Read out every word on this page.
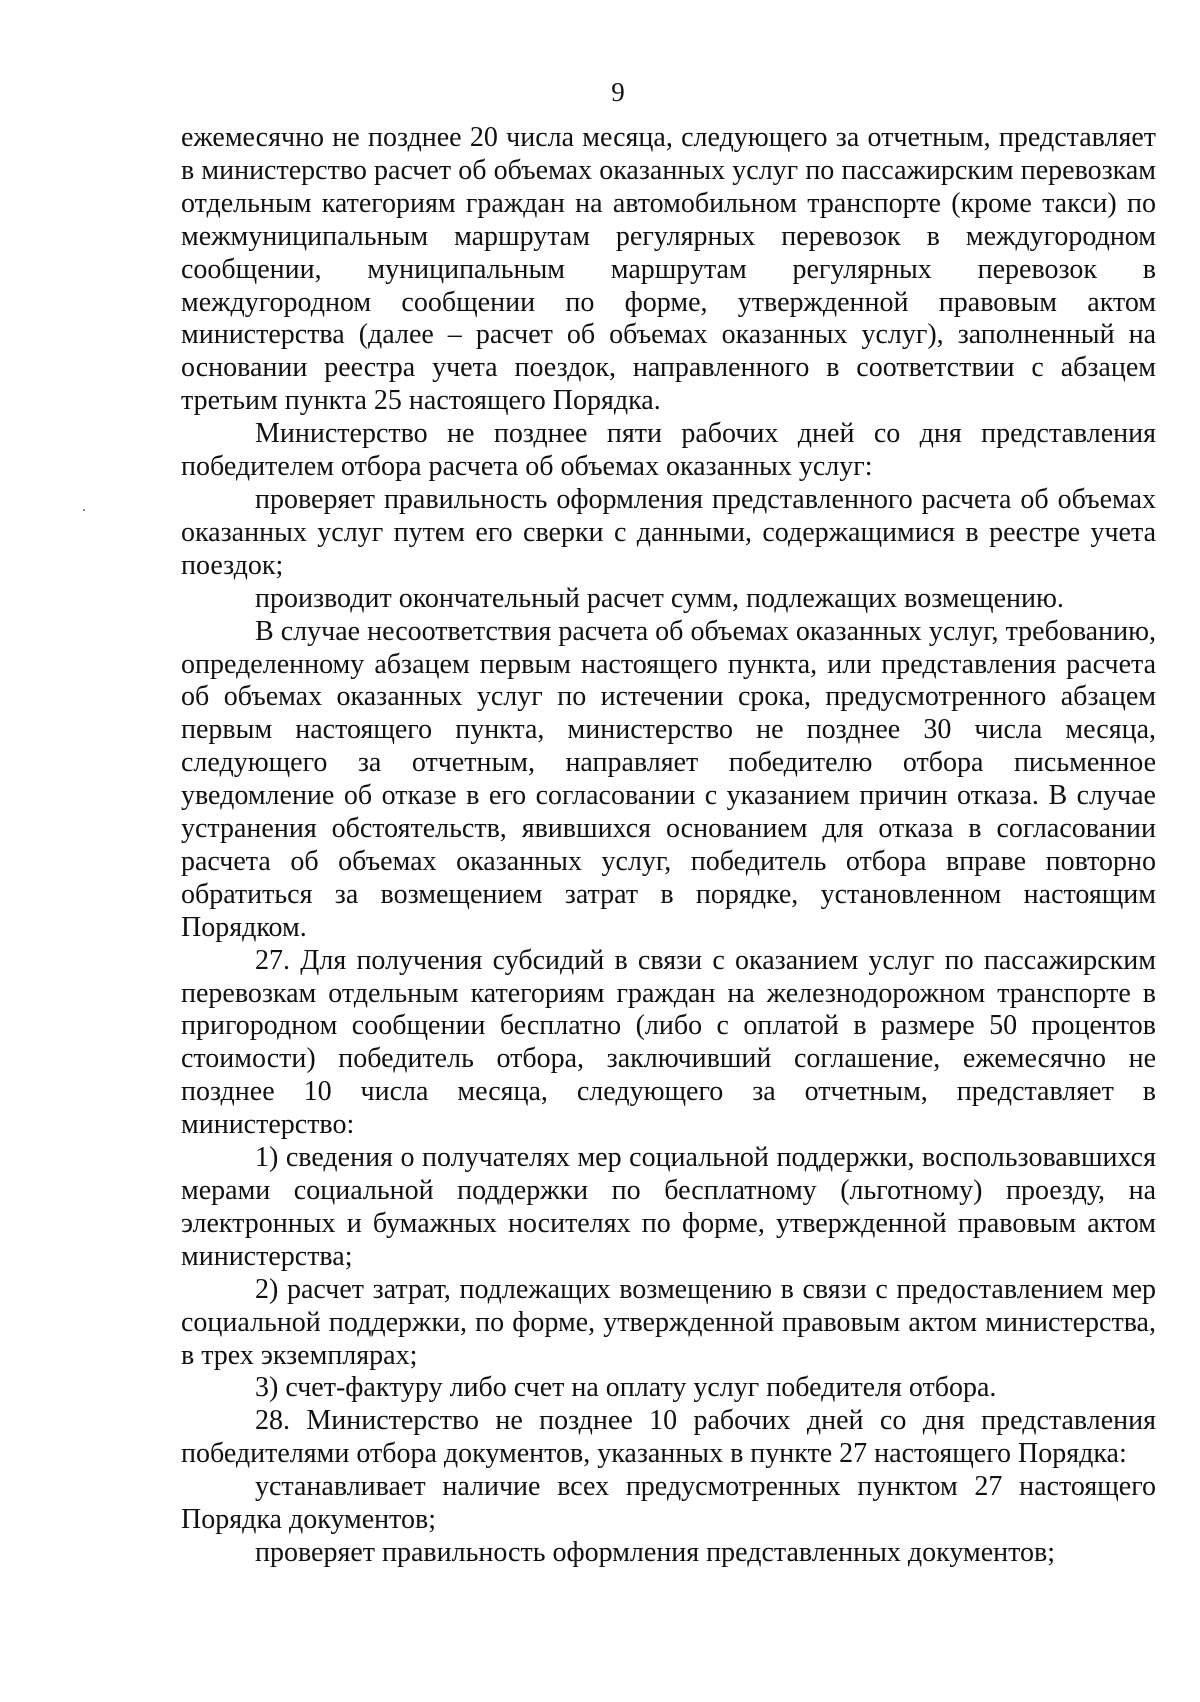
9

ежемесячно не позднее 20 числа месяца, следующего за отчетным, представляет в министерство расчет об объемах оказанных услуг по пассажирским перевозкам отдельным категориям граждан на автомобильном транспорте (кроме такси) по межмуниципальным маршрутам регулярных перевозок в междугородном сообщении, муниципальным маршрутам регулярных перевозок в междугородном сообщении по форме, утвержденной правовым актом министерства (далее – расчет об объемах оказанных услуг), заполненный на основании реестра учета поездок, направленного в соответствии с абзацем третьим пункта 25 настоящего Порядка.

Министерство не позднее пяти рабочих дней со дня представления победителем отбора расчета об объемах оказанных услуг:

проверяет правильность оформления представленного расчета об объемах оказанных услуг путем его сверки с данными, содержащимися в реестре учета поездок;

производит окончательный расчет сумм, подлежащих возмещению.

В случае несоответствия расчета об объемах оказанных услуг, требованию, определенному абзацем первым настоящего пункта, или представления расчета об объемах оказанных услуг по истечении срока, предусмотренного абзацем первым настоящего пункта, министерство не позднее 30 числа месяца, следующего за отчетным, направляет победителю отбора письменное уведомление об отказе в его согласовании с указанием причин отказа. В случае устранения обстоятельств, явившихся основанием для отказа в согласовании расчета об объемах оказанных услуг, победитель отбора вправе повторно обратиться за возмещением затрат в порядке, установленном настоящим Порядком.

27. Для получения субсидий в связи с оказанием услуг по пассажирским перевозкам отдельным категориям граждан на железнодорожном транспорте в пригородном сообщении бесплатно (либо с оплатой в размере 50 процентов стоимости) победитель отбора, заключивший соглашение, ежемесячно не позднее 10 числа месяца, следующего за отчетным, представляет в министерство:

1) сведения о получателях мер социальной поддержки, воспользовавшихся мерами социальной поддержки по бесплатному (льготному) проезду, на электронных и бумажных носителях по форме, утвержденной правовым актом министерства;

2) расчет затрат, подлежащих возмещению в связи с предоставлением мер социальной поддержки, по форме, утвержденной правовым актом министерства, в трех экземплярах;

3) счет-фактуру либо счет на оплату услуг победителя отбора.

28. Министерство не позднее 10 рабочих дней со дня представления победителями отбора документов, указанных в пункте 27 настоящего Порядка:

устанавливает наличие всех предусмотренных пунктом 27 настоящего Порядка документов;

проверяет правильность оформления представленных документов;
